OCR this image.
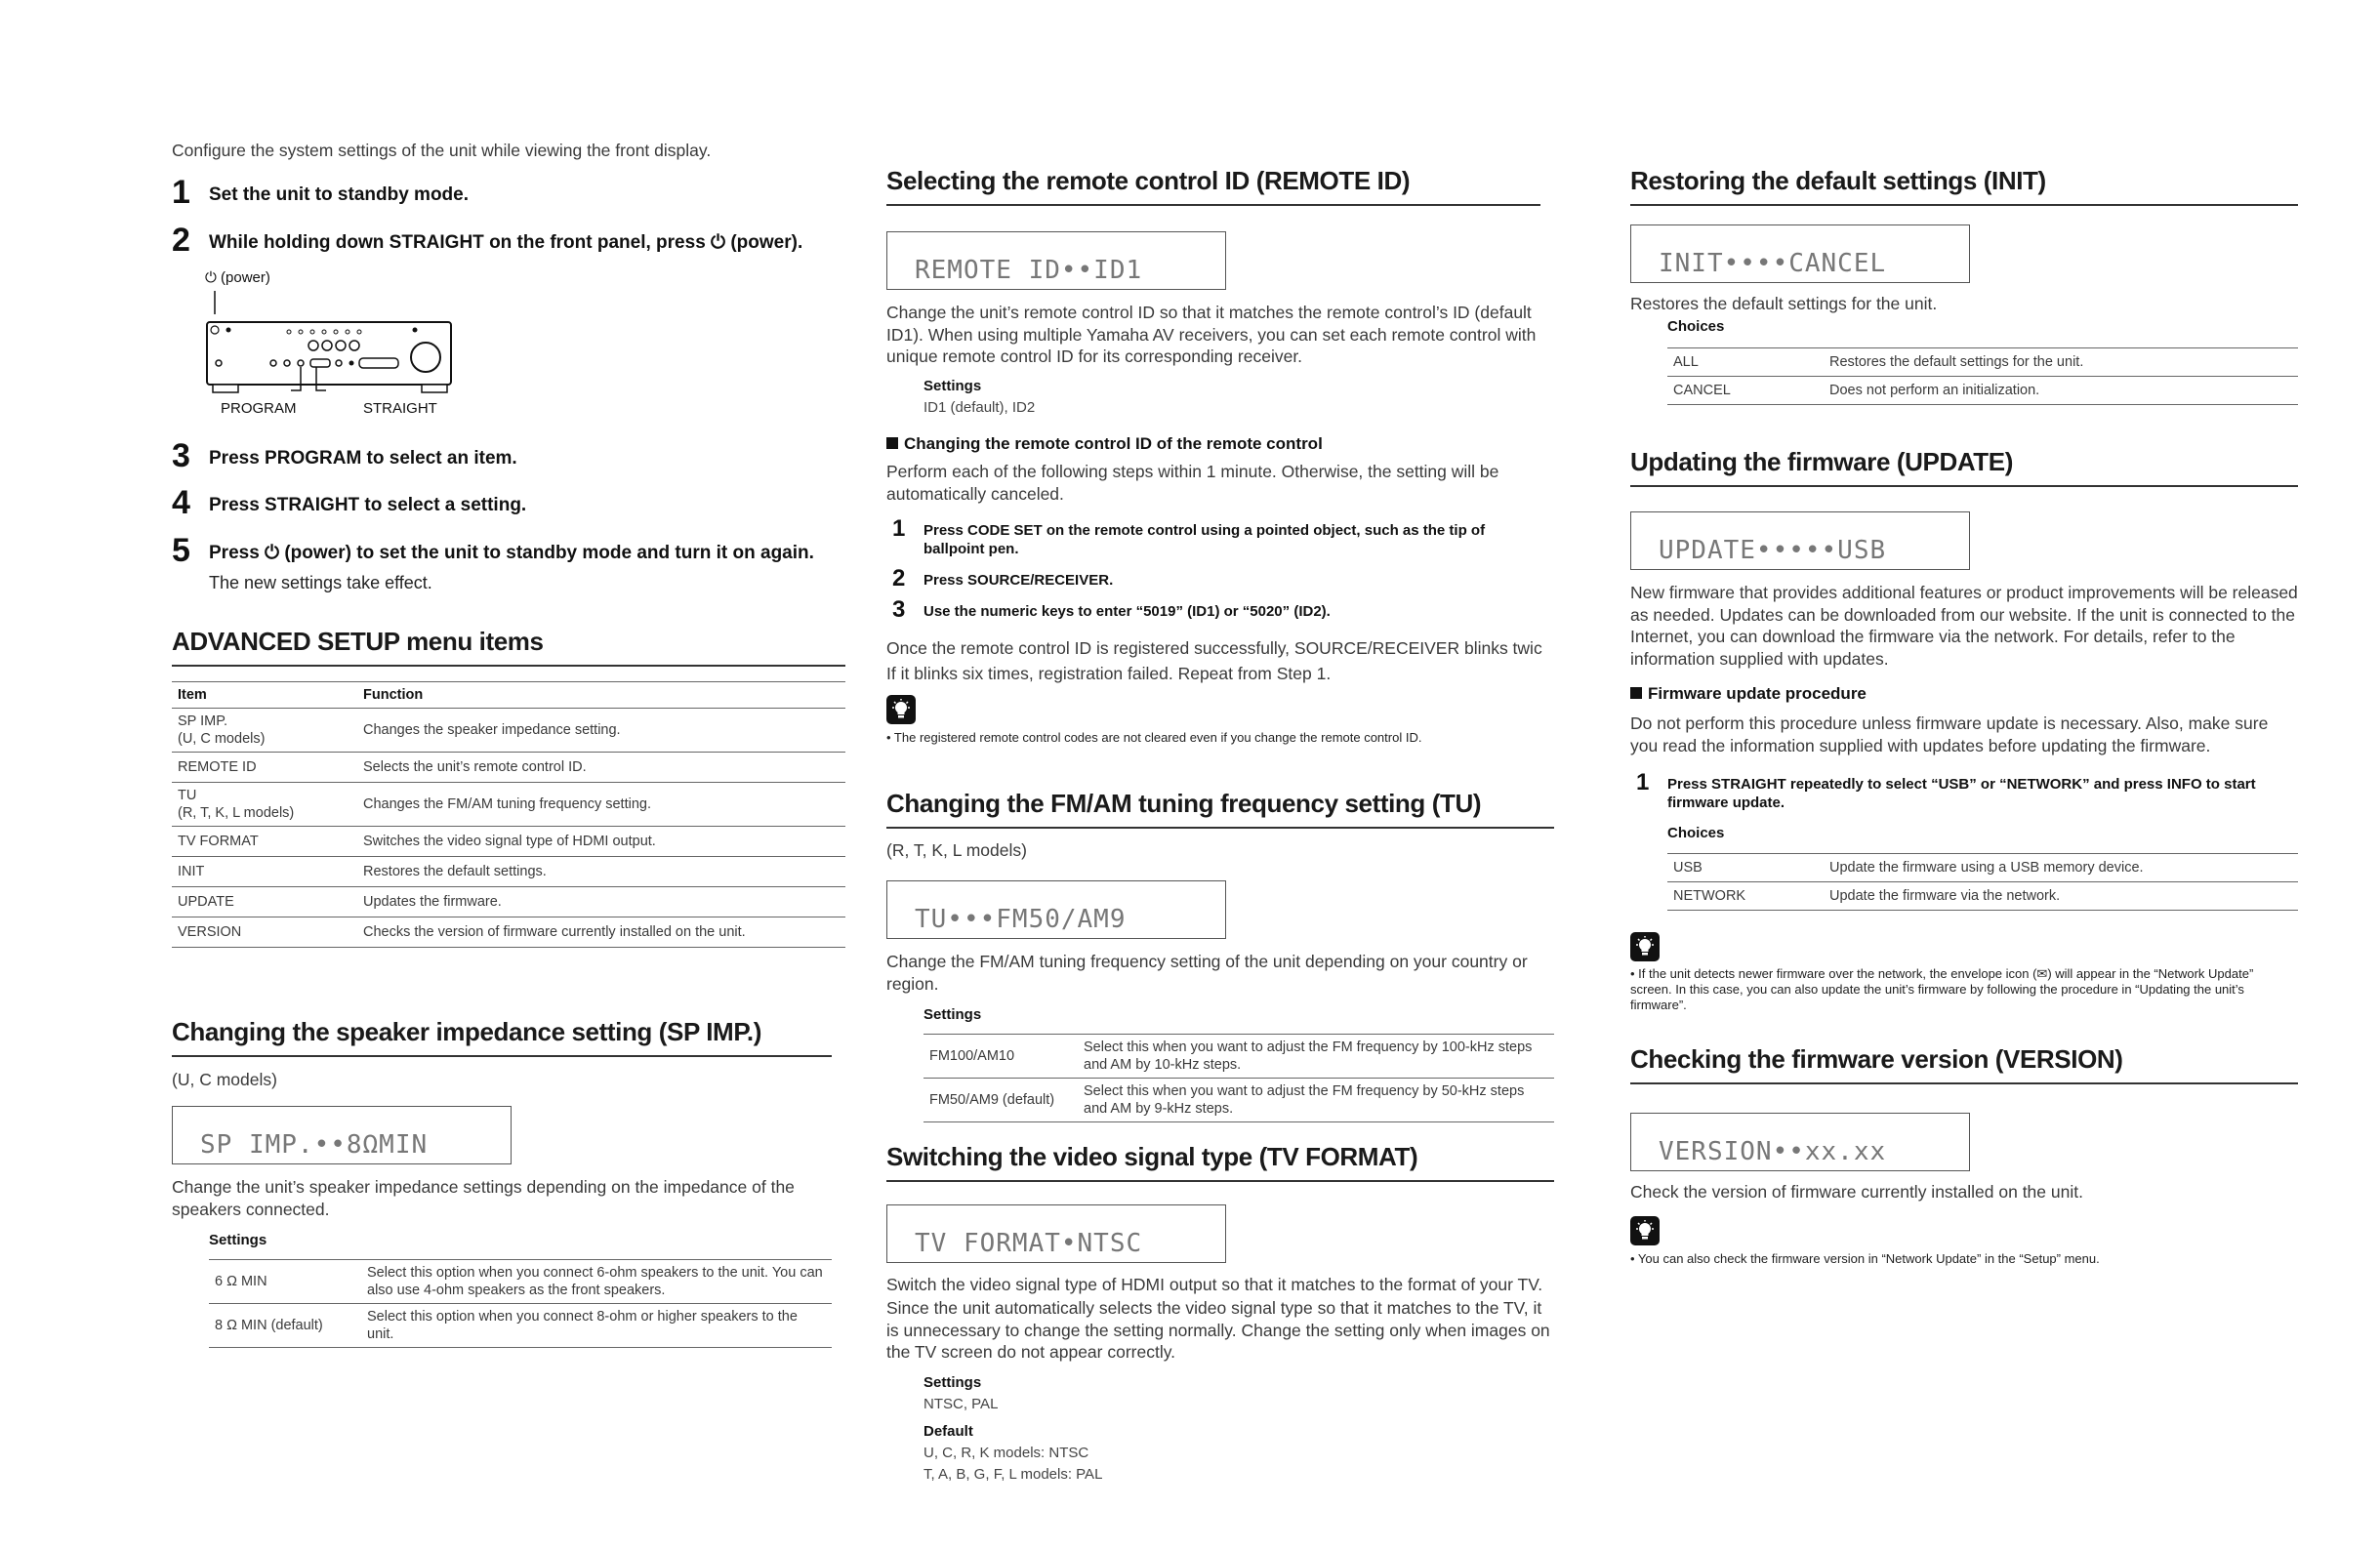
Configure the system settings of the unit while viewing the front display.
1 Set the unit to standby mode.
2 While holding down STRAIGHT on the front panel, press ⏻ (power).
⏻ (power)
PROGRAM	STRAIGHT
3 Press PROGRAM to select an item.
4 Press STRAIGHT to select a setting.
5 Press ⏻ (power) to set the unit to standby mode and turn it on again.
The new settings take effect.
ADVANCED SETUP menu items
Item	Function
SP IMP.
(U, C models)	Changes the speaker impedance setting.
REMOTE ID	Selects the unit’s remote control ID.
TU
(R, T, K, L models)	Changes the FM/AM tuning frequency setting.
TV FORMAT	Switches the video signal type of HDMI output.
INIT	Restores the default settings.
UPDATE	Updates the firmware.
VERSION	Checks the version of firmware currently installed on the unit.
Changing the speaker impedance setting (SP IMP.)
(U, C models)
SP IMP.••8ΩMIN
Change the unit’s speaker impedance settings depending on the impedance of the speakers connected.
Settings
6 Ω MIN	Select this option when you connect 6-ohm speakers to the unit. You can also use 4-ohm speakers as the front speakers.
8 Ω MIN (default)	Select this option when you connect 8-ohm or higher speakers to the unit.
Selecting the remote control ID (REMOTE ID)
REMOTE ID••ID1
Change the unit’s remote control ID so that it matches the remote control’s ID (default ID1). When using multiple Yamaha AV receivers, you can set each remote control with unique remote control ID for its corresponding receiver.
Settings
ID1 (default), ID2
Changing the remote control ID of the remote control
Perform each of the following steps within 1 minute. Otherwise, the setting will be automatically canceled.
1 Press CODE SET on the remote control using a pointed object, such as the tip of ballpoint pen.
2 Press SOURCE/RECEIVER.
3 Use the numeric keys to enter “5019” (ID1) or “5020” (ID2).
Once the remote control ID is registered successfully, SOURCE/RECEIVER blinks twic
If it blinks six times, registration failed. Repeat from Step 1.
• The registered remote control codes are not cleared even if you change the remote control ID.
Changing the FM/AM tuning frequency setting (TU)
(R, T, K, L models)
TU•••FM50/AM9
Change the FM/AM tuning frequency setting of the unit depending on your country or region.
Settings
FM100/AM10	Select this when you want to adjust the FM frequency by 100-kHz steps and AM by 10-kHz steps.
FM50/AM9 (default)	Select this when you want to adjust the FM frequency by 50-kHz steps and AM by 9-kHz steps.
Switching the video signal type (TV FORMAT)
TV FORMAT•NTSC
Switch the video signal type of HDMI output so that it matches to the format of your TV.
Since the unit automatically selects the video signal type so that it matches to the TV, it is unnecessary to change the setting normally. Change the setting only when images on the TV screen do not appear correctly.
Settings
NTSC, PAL
Default
U, C, R, K models: NTSC
T, A, B, G, F, L models: PAL
Restoring the default settings (INIT)
INIT••••CANCEL
Restores the default settings for the unit.
Choices
ALL	Restores the default settings for the unit.
CANCEL	Does not perform an initialization.
Updating the firmware (UPDATE)
UPDATE•••••USB
New firmware that provides additional features or product improvements will be released as needed. Updates can be downloaded from our website. If the unit is connected to the Internet, you can download the firmware via the network. For details, refer to the information supplied with updates.
Firmware update procedure
Do not perform this procedure unless firmware update is necessary. Also, make sure you read the information supplied with updates before updating the firmware.
1 Press STRAIGHT repeatedly to select “USB” or “NETWORK” and press INFO to start firmware update.
Choices
USB	Update the firmware using a USB memory device.
NETWORK	Update the firmware via the network.
• If the unit detects newer firmware over the network, the envelope icon (✉) will appear in the “Network Update” screen. In this case, you can also update the unit’s firmware by following the procedure in “Updating the unit’s firmware”.
Checking the firmware version (VERSION)
VERSION••xx.xx
Check the version of firmware currently installed on the unit.
• You can also check the firmware version in “Network Update” in the “Setup” menu.
